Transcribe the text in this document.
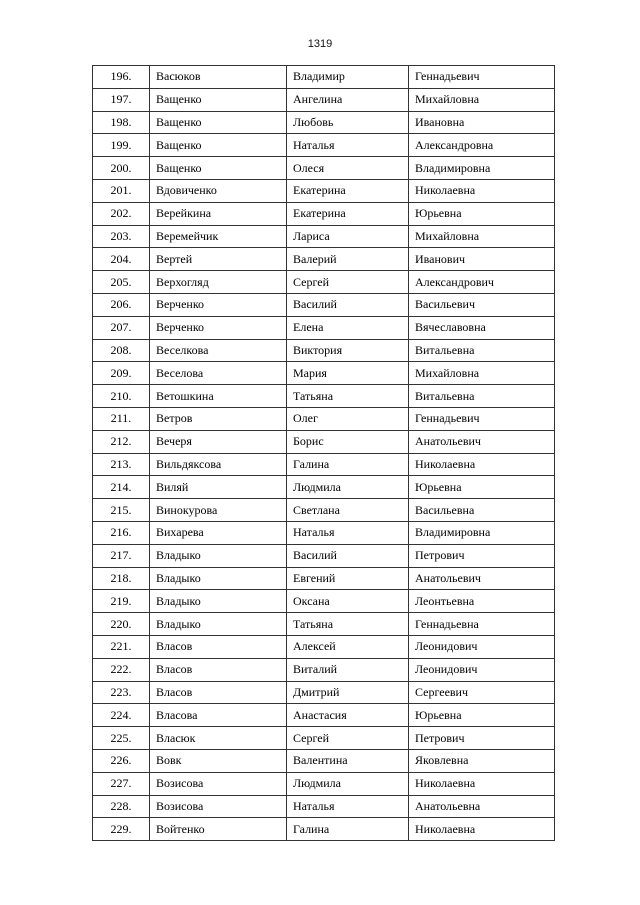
1319
196.	Васюков	Владимир	Геннадьевич
197.	Ващенко	Ангелина	Михайловна
198.	Ващенко	Любовь	Ивановна
199.	Ващенко	Наталья	Александровна
200.	Ващенко	Олеся	Владимировна
201.	Вдовиченко	Екатерина	Николаевна
202.	Верейкина	Екатерина	Юрьевна
203.	Веремейчик	Лариса	Михайловна
204.	Вертей	Валерий	Иванович
205.	Верхогляд	Сергей	Александрович
206.	Верченко	Василий	Васильевич
207.	Верченко	Елена	Вячеславовна
208.	Веселкова	Виктория	Витальевна
209.	Веселова	Мария	Михайловна
210.	Ветошкина	Татьяна	Витальевна
211.	Ветров	Олег	Геннадьевич
212.	Вечеря	Борис	Анатольевич
213.	Вильдяксова	Галина	Николаевна
214.	Виляй	Людмила	Юрьевна
215.	Винокурова	Светлана	Васильевна
216.	Вихарева	Наталья	Владимировна
217.	Владыко	Василий	Петрович
218.	Владыко	Евгений	Анатольевич
219.	Владыко	Оксана	Леонтьевна
220.	Владыко	Татьяна	Геннадьевна
221.	Власов	Алексей	Леонидович
222.	Власов	Виталий	Леонидович
223.	Власов	Дмитрий	Сергеевич
224.	Власова	Анастасия	Юрьевна
225.	Власюк	Сергей	Петрович
226.	Вовк	Валентина	Яковлевна
227.	Возисова	Людмила	Николаевна
228.	Возисова	Наталья	Анатольевна
229.	Войтенко	Галина	Николаевна
